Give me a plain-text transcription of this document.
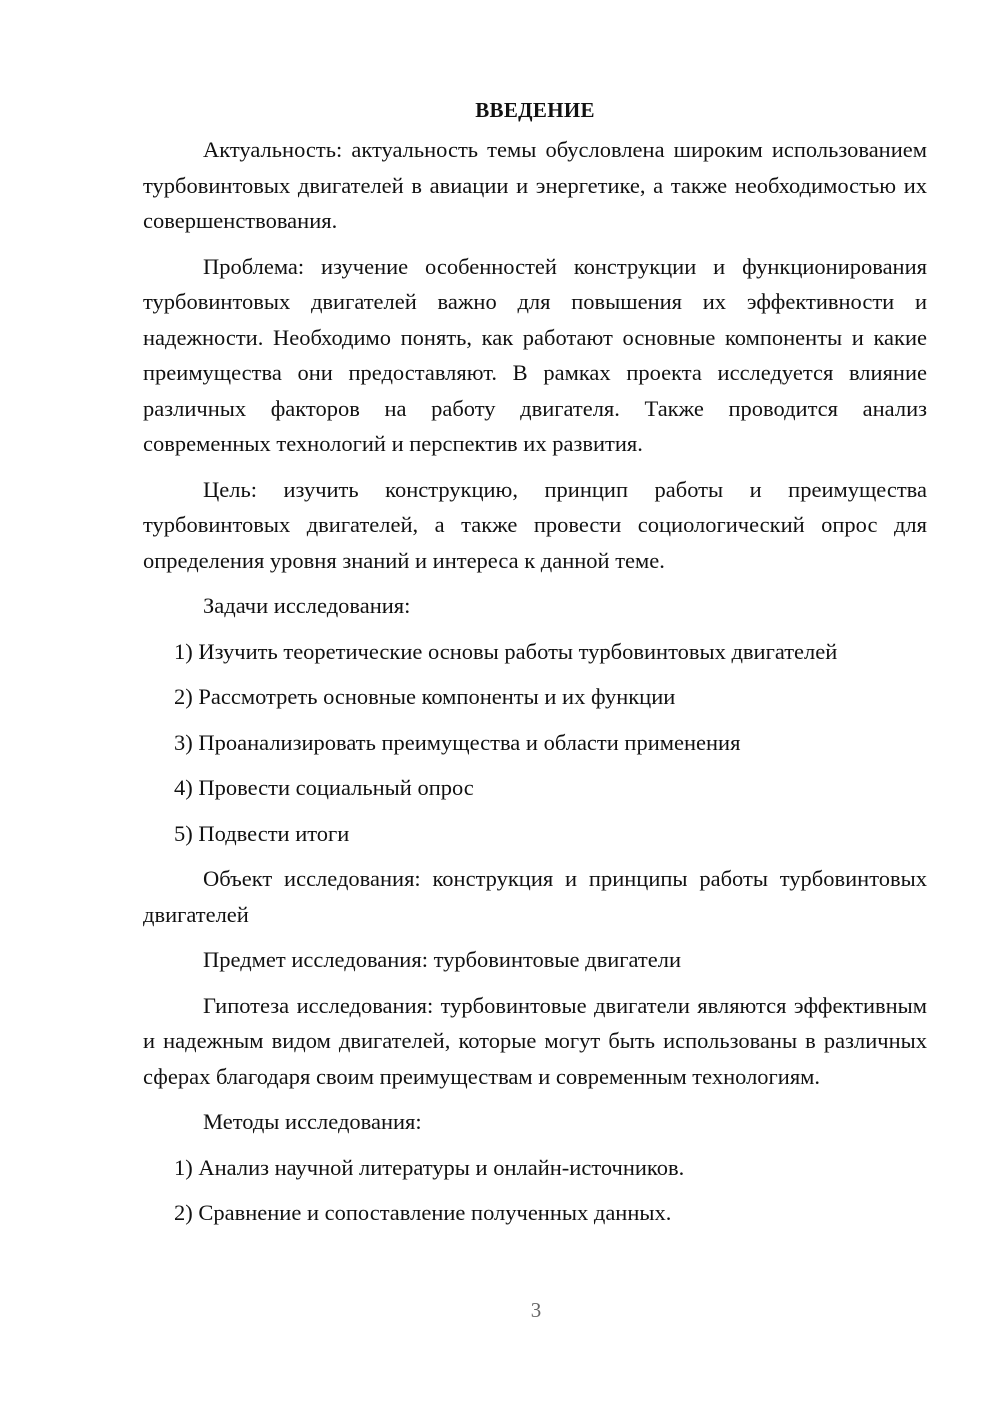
ВВЕДЕНИЕ

Актуальность: актуальность темы обусловлена широким использованием турбовинтовых двигателей в авиации и энергетике, а также необходимостью их совершенствования.

Проблема: изучение особенностей конструкции и функционирования турбовинтовых двигателей важно для повышения их эффективности и надежности. Необходимо понять, как работают основные компоненты и какие преимущества они предоставляют. В рамках проекта исследуется влияние различных факторов на работу двигателя. Также проводится анализ современных технологий и перспектив их развития.

Цель: изучить конструкцию, принцип работы и преимущества турбовинтовых двигателей, а также провести социологический опрос для определения уровня знаний и интереса к данной теме.

Задачи исследования:

1) Изучить теоретические основы работы турбовинтовых двигателей

2) Рассмотреть основные компоненты и их функции

3) Проанализировать преимущества и области применения

4) Провести социальный опрос

5) Подвести итоги

Объект исследования: конструкция и принципы работы турбовинтовых двигателей

Предмет исследования: турбовинтовые двигатели

Гипотеза исследования: турбовинтовые двигатели являются эффективным и надежным видом двигателей, которые могут быть использованы в различных сферах благодаря своим преимуществам и современным технологиям.

Методы исследования:

1) Анализ научной литературы и онлайн-источников.

2) Сравнение и сопоставление полученных данных.

3
